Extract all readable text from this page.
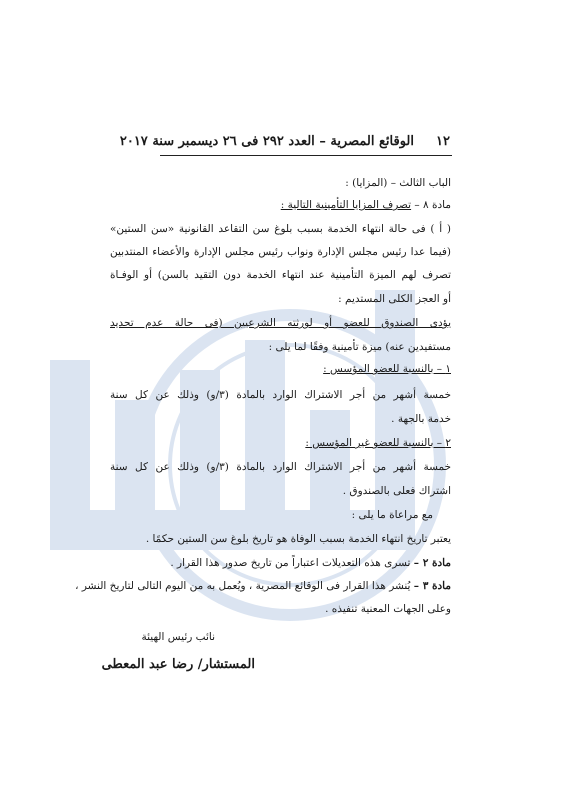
١٢
الوقائع المصرية – العدد ٢٩٢ فى ٢٦ ديسمبر سنة ٢٠١٧
الباب الثالث – (المزايا) :
مادة ٨ – تصرف المزايا التأمينية التالية :
( أ ) فى حالة انتهاء الخدمة بسبب بلوغ سن التقاعد القانونية «سن الستين»
(فيما عدا رئيس مجلس الإدارة ونواب رئيس مجلس الإدارة والأعضاء المنتدبين
تصرف لهم الميزة التأمينية عند انتهاء الخدمة دون التقيد بالسن) أو الوفـاة
أو العجز الكلى المستديم :
يؤدى الصندوق للعضو أو لورثته الشرعيين (فى حالة عدم تحديد
مستفيدين عنه) ميزة تأمينية وفقًا لما يلى :
١ – بالنسبة للعضو المؤسس :
خمسة أشهر من أجر الاشتراك الوارد بالمادة (٣/و) وذلك عن كل سنة
خدمة بالجهة .
٢ – بالنسبة للعضو غير المؤسس :
خمسة أشهر من أجر الاشتراك الوارد بالمادة (٣/و) وذلك عن كل سنة
اشتراك فعلى بالصندوق .
مع مراعاة ما يلى :
يعتبر تاريخ انتهاء الخدمة بسبب الوفاة هو تاريخ بلوغ سن الستين حكمًا .
مادة ٢ – تسرى هذه التعديلات اعتباراً من تاريخ صدور هذا القرار .
مادة ٣ – يُنشر هذا القرار فى الوقائع المصرية ، ويُعمل به من اليوم التالى لتاريخ النشر ،
وعلى الجهات المعنية تنفيذه .
نائب رئيس الهيئة
المستشار/ رضا عبد المعطى
